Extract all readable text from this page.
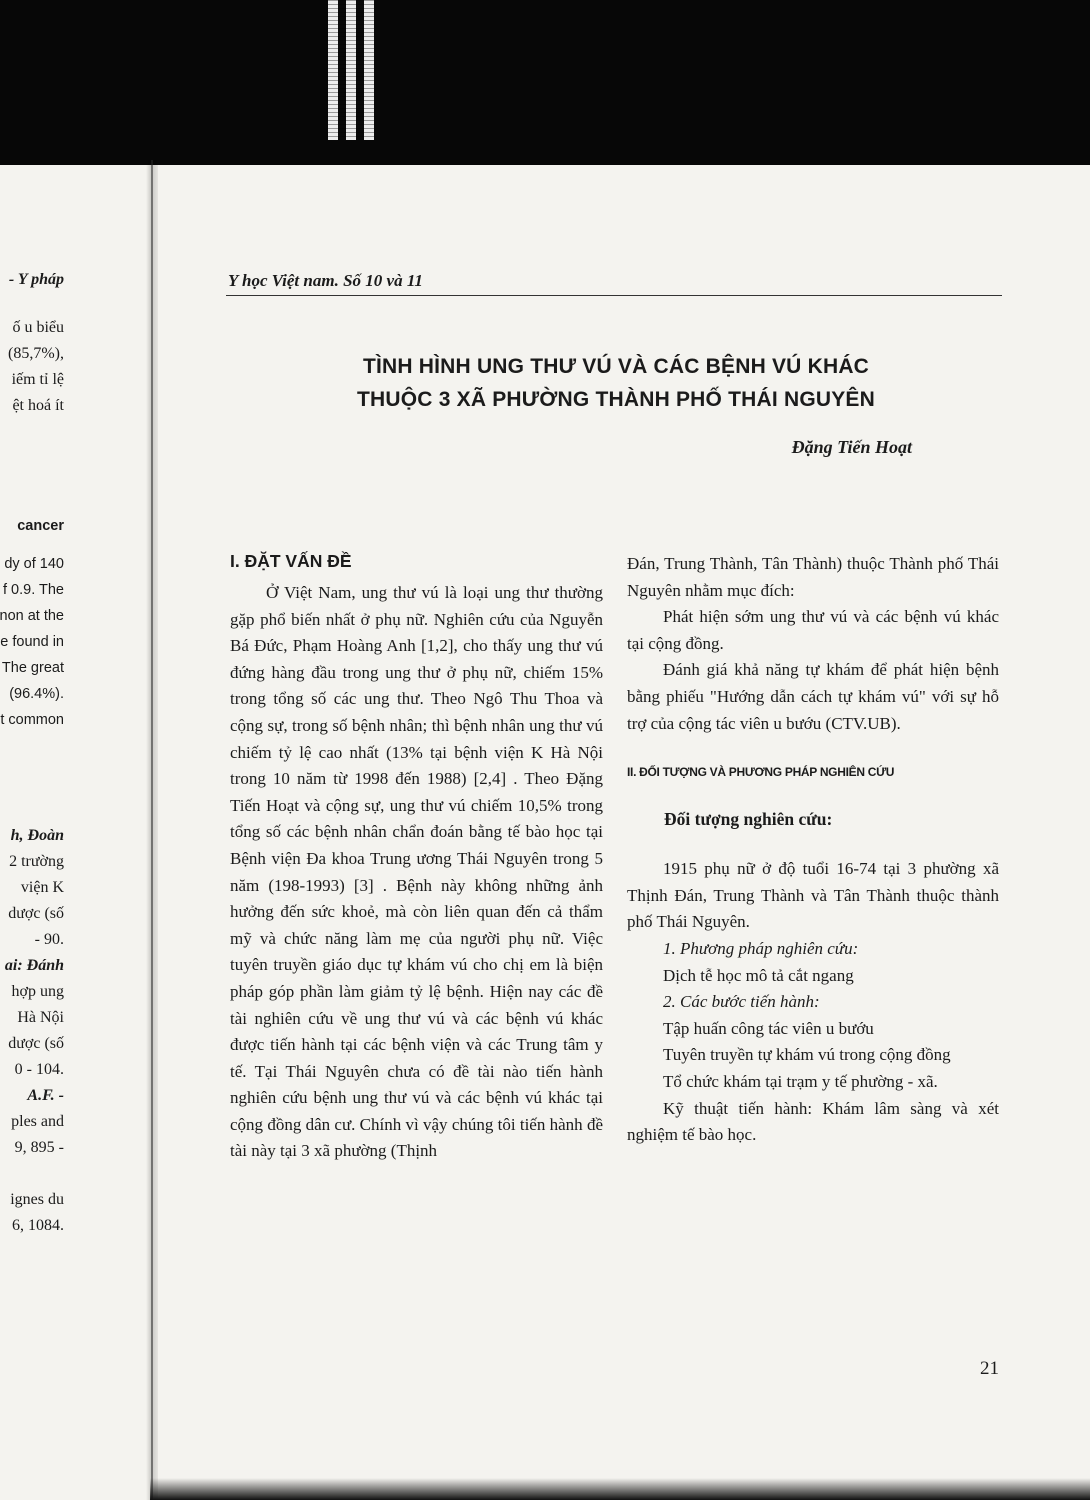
- Y pháp
ố u biểu
(85,7%),
iếm tỉ lệ
ệt hoá ít
cancer
dy of 140
f 0.9. The
non at the
e found in
The great
(96.4%).
t common
h, Đoàn
2 trường
viện K
dược (số
- 90.
ai: Đánh
hợp ung
Hà Nội
dược (số
0 - 104.
A.F. -
ples and
9, 895 -
ignes du
6, 1084.
Y học Việt nam. Số 10 và 11
TÌNH HÌNH UNG THƯ VÚ VÀ CÁC BỆNH VÚ KHÁC
THUỘC 3 XÃ PHƯỜNG THÀNH PHỐ THÁI NGUYÊN
Đặng Tiến Hoạt
I. ĐẶT VẤN ĐỀ

Ở Việt Nam, ung thư vú là loại ung thư thường gặp phổ biến nhất ở phụ nữ. Nghiên cứu của Nguyễn Bá Đức, Phạm Hoàng Anh [1,2], cho thấy ung thư vú đứng hàng đầu trong ung thư ở phụ nữ, chiếm 15% trong tổng số các ung thư. Theo Ngô Thu Thoa và cộng sự, trong số bệnh nhân; thì bệnh nhân ung thư vú chiếm tỷ lệ cao nhất (13% tại bệnh viện K Hà Nội trong 10 năm từ 1998 đến 1988) [2,4] . Theo Đặng Tiến Hoạt và cộng sự, ung thư vú chiếm 10,5% trong tổng số các bệnh nhân chẩn đoán bằng tế bào học tại Bệnh viện Đa khoa Trung ương Thái Nguyên trong 5 năm (198-1993) [3] . Bệnh này không những ảnh hưởng đến sức khoẻ, mà còn liên quan đến cả thẩm mỹ và chức năng làm mẹ của người phụ nữ. Việc tuyên truyền giáo dục tự khám vú cho chị em là biện pháp góp phần làm giảm tỷ lệ bệnh. Hiện nay các đề tài nghiên cứu về ung thư vú và các bệnh vú khác được tiến hành tại các bệnh viện và các Trung tâm y tế. Tại Thái Nguyên chưa có đề tài nào tiến hành nghiên cứu bệnh ung thư vú và các bệnh vú khác tại cộng đồng dân cư. Chính vì vậy chúng tôi tiến hành đề tài này tại 3 xã phường (Thịnh

Đán, Trung Thành, Tân Thành) thuộc Thành phố Thái Nguyên nhằm mục đích:

Phát hiện sớm ung thư vú và các bệnh vú khác tại cộng đồng.

Đánh giá khả năng tự khám để phát hiện bệnh bằng phiếu "Hướng dẫn cách tự khám vú" với sự hỗ trợ của cộng tác viên u bướu (CTV.UB).

II. ĐỐI TƯỢNG VÀ PHƯƠNG PHÁP NGHIÊN CỨU
Đối tượng nghiên cứu:

1915 phụ nữ ở độ tuổi 16-74 tại 3 phường xã Thịnh Đán, Trung Thành và Tân Thành thuộc thành phố Thái Nguyên.

1. Phương pháp nghiên cứu:

Dịch tễ học mô tả cắt ngang

2. Các bước tiến hành:

Tập huấn công tác viên u bướu

Tuyên truyền tự khám vú trong cộng đồng

Tổ chức khám tại trạm y tế phường - xã.

Kỹ thuật tiến hành: Khám lâm sàng và xét nghiệm tế bào học.

21
